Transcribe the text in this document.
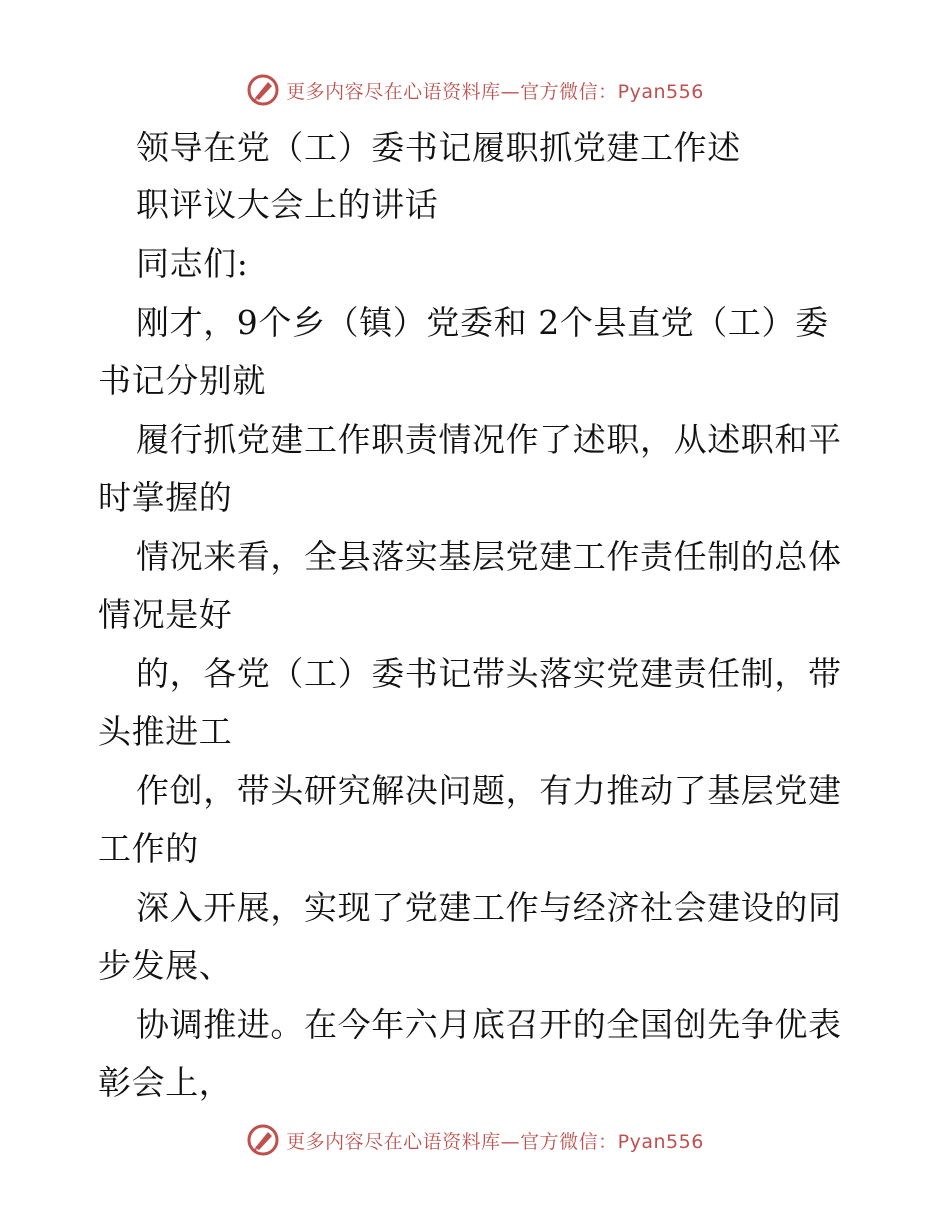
更多内容尽在心语资料库—官方微信：Pyan556
领导在党（工）委书记履职抓党建工作述
职评议大会上的讲话
同志们:
刚才，9个乡（镇）党委和 2个县直党（工）委
书记分别就
履行抓党建工作职责情况作了述职，从述职和平
时掌握的
情况来看，全县落实基层党建工作责任制的总体
情况是好
的，各党（工）委书记带头落实党建责任制，带
头推进工
作创，带头研究解决问题，有力推动了基层党建
工作的
深入开展，实现了党建工作与经济社会建设的同
步发展、
协调推进。在今年六月底召开的全国创先争优表
彰会上，
更多内容尽在心语资料库—官方微信：Pyan556
